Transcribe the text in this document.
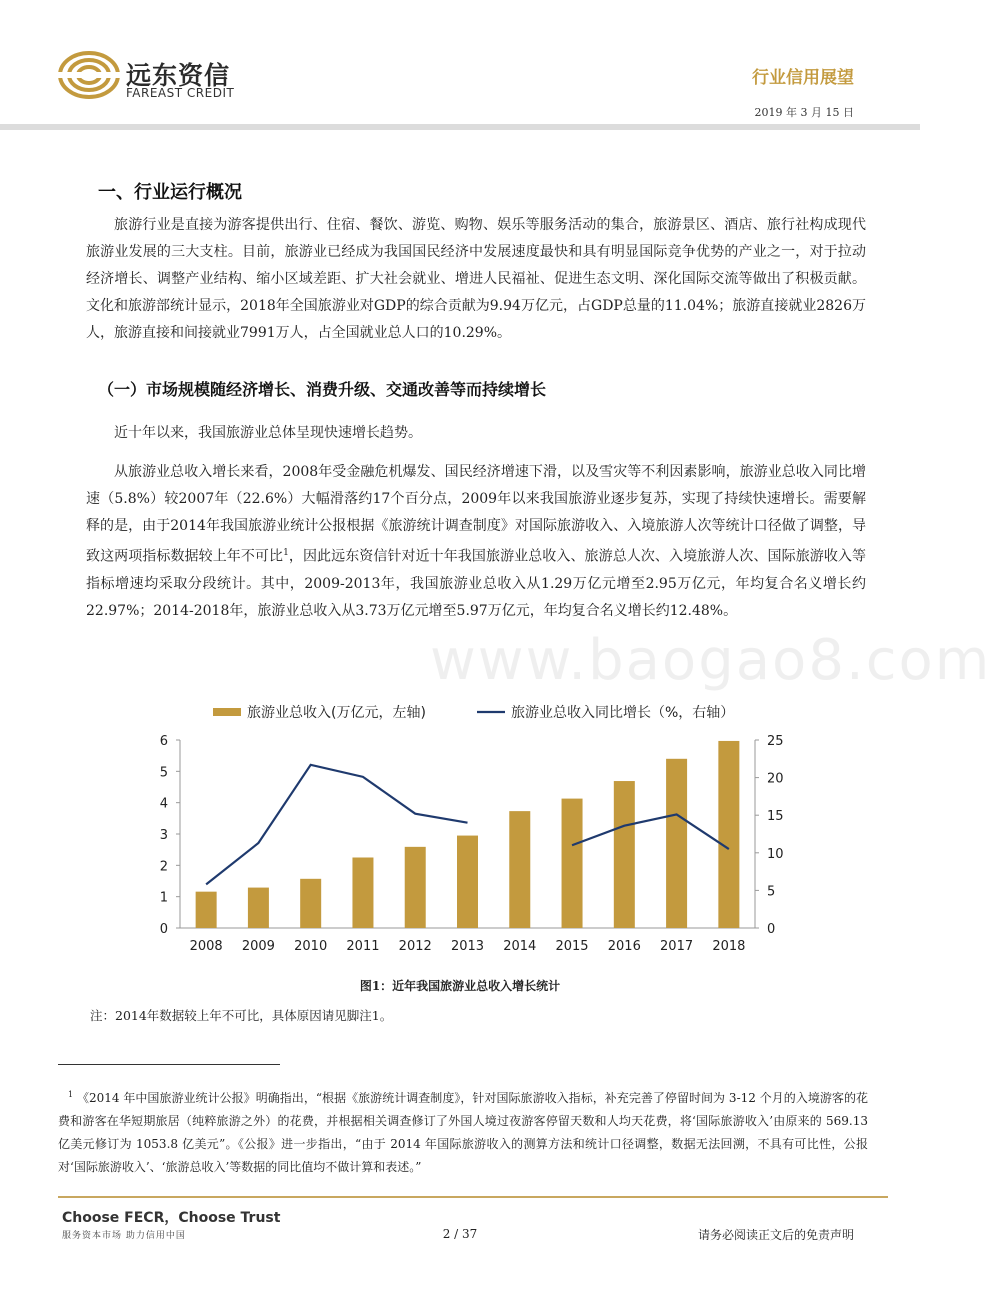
远东资信
FAREAST CREDIT
行业信用展望
2019 年 3 月 15 日
一、行业运行概况
旅游行业是直接为游客提供出行、住宿、餐饮、游览、购物、娱乐等服务活动的集合，旅游景区、酒店、旅行社构成现代旅游业发展的三大支柱。目前，旅游业已经成为我国国民经济中发展速度最快和具有明显国际竞争优势的产业之一，对于拉动经济增长、调整产业结构、缩小区域差距、扩大社会就业、增进人民福祉、促进生态文明、深化国际交流等做出了积极贡献。文化和旅游部统计显示，2018年全国旅游业对GDP的综合贡献为9.94万亿元，占GDP总量的11.04%；旅游直接就业2826万人，旅游直接和间接就业7991万人，占全国就业总人口的10.29%。
（一）市场规模随经济增长、消费升级、交通改善等而持续增长
近十年以来，我国旅游业总体呈现快速增长趋势。
从旅游业总收入增长来看，2008年受金融危机爆发、国民经济增速下滑，以及雪灾等不利因素影响，旅游业总收入同比增速（5.8%）较2007年（22.6%）大幅滑落约17个百分点，2009年以来我国旅游业逐步复苏，实现了持续快速增长。需要解释的是，由于2014年我国旅游业统计公报根据《旅游统计调查制度》对国际旅游收入、入境旅游人次等统计口径做了调整，导致这两项指标数据较上年不可比$^1$，因此远东资信针对近十年我国旅游业总收入、旅游总人次、入境旅游人次、国际旅游收入等指标增速均采取分段统计。其中，2009-2013年，我国旅游业总收入从1.29万亿元增至2.95万亿元，年均复合名义增长约22.97%；2014-2018年，旅游业总收入从3.73万亿元增至5.97万亿元，年均复合名义增长约12.48%。
www.baogao8.com
0
1
2
3
4
5
6
0
5
10
15
20
25
2008 2009 2010 2011 2012 2013 2014 2015 2016 2017 2018
旅游业总收入(万亿元，左轴)	旅游业总收入同比增长（%，右轴）
图1：近年我国旅游业总收入增长统计
注：2014年数据较上年不可比，具体原因请见脚注1。
$^1$ 《2014 年中国旅游业统计公报》明确指出，“根据《旅游统计调查制度》，针对国际旅游收入指标，补充完善了停留时间为 3-12 个月的入境游客的花费和游客在华短期旅居（纯粹旅游之外）的花费，并根据相关调查修订了外国人境过夜游客停留天数和人均天花费，将‘国际旅游收入’由原来的 569.13 亿美元修订为 1053.8 亿美元”。《公报》进一步指出，“由于 2014 年国际旅游收入的测算方法和统计口径调整，数据无法回溯，不具有可比性，公报对‘国际旅游收入’、‘旅游总收入’等数据的同比值均不做计算和表述。”
Choose FECR，Choose Trust
服务资本市场 助力信用中国	2 / 37	请务必阅读正文后的免责声明
